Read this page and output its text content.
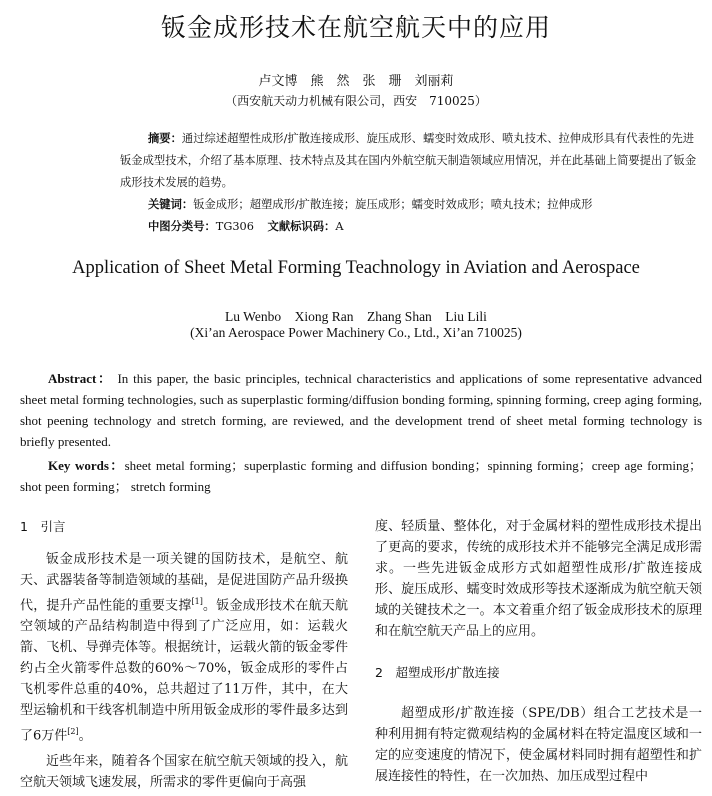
钣金成形技术在航空航天中的应用
卢文博　熊　然　张　珊　刘丽莉
（西安航天动力机械有限公司，西安　710025）
摘要：通过综述超塑性成形/扩散连接成形、旋压成形、蠕变时效成形、喷丸技术、拉伸成形具有代表性的先进钣金成型技术，介绍了基本原理、技术特点及其在国内外航空航天制造领域应用情况，并在此基础上简要提出了钣金成形技术发展的趋势。
关键词：钣金成形；超塑成形/扩散连接；旋压成形；蠕变时效成形；喷丸技术；拉伸成形
中图分类号：TG306 文献标识码：A
Application of Sheet Metal Forming Teachnology in Aviation and Aerospace
Lu Wenbo　Xiong Ran　Zhang Shan　Liu Lili
(Xi’an Aerospace Power Machinery Co., Ltd., Xi’an 710025)
Abstract： In this paper, the basic principles, technical characteristics and applications of some representative advanced sheet metal forming technologies, such as superplastic forming/diffusion bonding forming, spinning forming, creep aging forming, shot peening technology and stretch forming, are reviewed, and the development trend of sheet metal forming technology is briefly presented.
Key words：sheet metal forming；superplastic forming and diffusion bonding；spinning forming；creep age forming；shot peen forming； stretch forming
1　引言

钣金成形技术是一项关键的国防技术，是航空、航天、武器装备等制造领域的基础，是促进国防产品升级换代，提升产品性能的重要支撑[1]。钣金成形技术在航天航空领域的产品结构制造中得到了广泛应用，如：运载火箭、飞机、导弹壳体等。根据统计，运载火箭的钣金零件约占全火箭零件总数的60%～70%，钣金成形的零件占飞机零件总重的40%，总共超过了11万件，其中，在大型运输机和干线客机制造中所用钣金成形的零件最多达到了6万件[2]。

近些年来，随着各个国家在航空航天领域的投入，航空航天领域飞速发展，所需求的零件更偏向于高强

度、轻质量、整体化，对于金属材料的塑性成形技术提出了更高的要求，传统的成形技术并不能够完全满足成形需求。一些先进钣金成形方式如超塑性成形/扩散连接成形、旋压成形、蠕变时效成形等技术逐渐成为航空航天领域的关键技术之一。本文着重介绍了钣金成形技术的原理和在航空航天产品上的应用。

2　超塑成形/扩散连接

超塑成形/扩散连接（SPE/DB）组合工艺技术是一种利用拥有特定微观结构的金属材料在特定温度区域和一定的应变速度的情况下，使金属材料同时拥有超塑性和扩展连接性的特性，在一次加热、加压成型过程中
